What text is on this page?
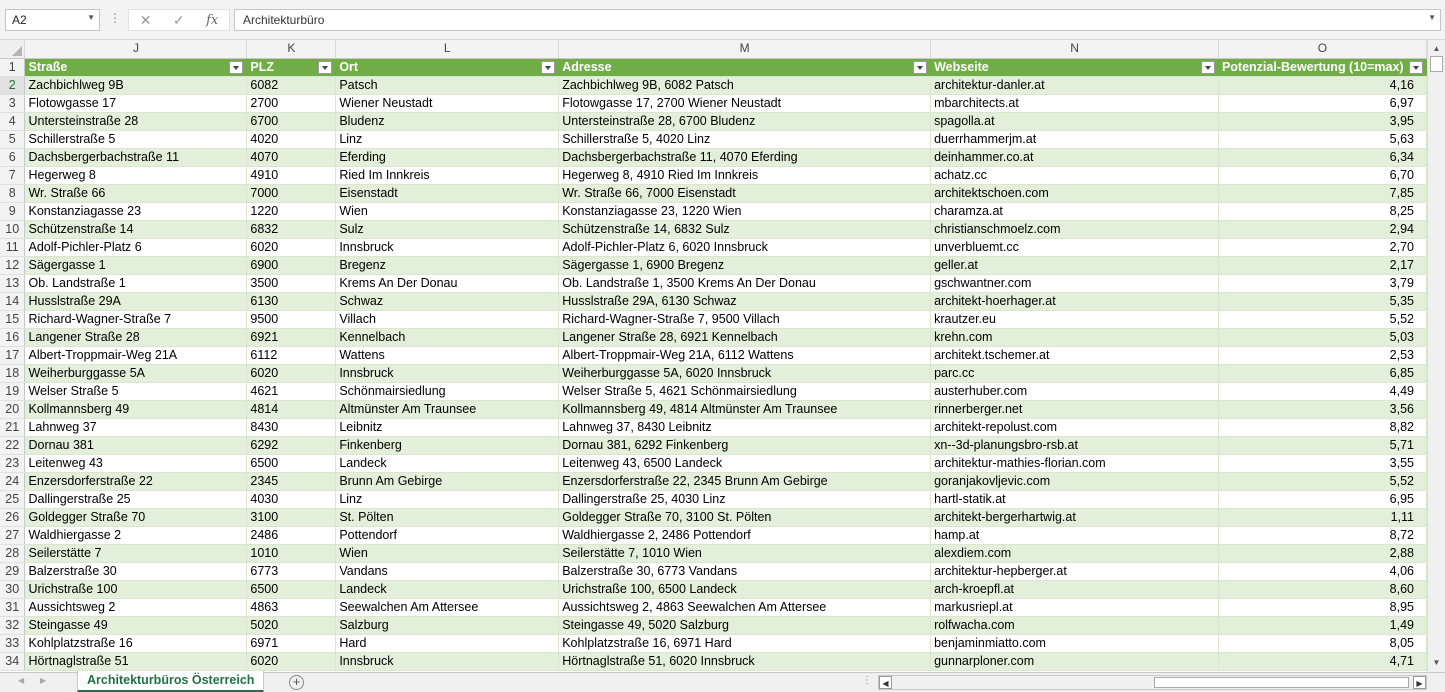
A2	▼ ⋮ ✕ ✓ fx	Architekturbüro	▼
	J	K	L	M	N	O
1	Straße	PLZ	Ort	Adresse	Webseite	Potenzial-Bewertung (10=max)

2	Zachbichlweg 9B	6082	Patsch	Zachbichlweg 9B, 6082 Patsch	architektur-danler.at	4,16
3	Flotowgasse 17	2700	Wiener Neustadt	Flotowgasse 17, 2700 Wiener Neustadt	mbarchitects.at	6,97
4	Untersteinstraße 28	6700	Bludenz	Untersteinstraße 28, 6700 Bludenz	spagolla.at	3,95
5	Schillerstraße 5	4020	Linz	Schillerstraße 5, 4020 Linz	duerrhammerjm.at	5,63
6	Dachsbergerbachstraße 11	4070	Eferding	Dachsbergerbachstraße 11, 4070 Eferding	deinhammer.co.at	6,34
7	Hegerweg 8	4910	Ried Im Innkreis	Hegerweg 8, 4910 Ried Im Innkreis	achatz.cc	6,70
8	Wr. Straße 66	7000	Eisenstadt	Wr. Straße 66, 7000 Eisenstadt	architektschoen.com	7,85
9	Konstanziagasse 23	1220	Wien	Konstanziagasse 23, 1220 Wien	charamza.at	8,25
10	Schützenstraße 14	6832	Sulz	Schützenstraße 14, 6832 Sulz	christianschmoelz.com	2,94
11	Adolf-Pichler-Platz 6	6020	Innsbruck	Adolf-Pichler-Platz 6, 6020 Innsbruck	unverbluemt.cc	2,70
12	Sägergasse 1	6900	Bregenz	Sägergasse 1, 6900 Bregenz	geller.at	2,17
13	Ob. Landstraße 1	3500	Krems An Der Donau	Ob. Landstraße 1, 3500 Krems An Der Donau	gschwantner.com	3,79
14	Husslstraße 29A	6130	Schwaz	Husslstraße 29A, 6130 Schwaz	architekt-hoerhager.at	5,35
15	Richard-Wagner-Straße 7	9500	Villach	Richard-Wagner-Straße 7, 9500 Villach	krautzer.eu	5,52
16	Langener Straße 28	6921	Kennelbach	Langener Straße 28, 6921 Kennelbach	krehn.com	5,03
17	Albert-Troppmair-Weg 21A	6112	Wattens	Albert-Troppmair-Weg 21A, 6112 Wattens	architekt.tschemer.at	2,53
18	Weiherburggasse 5A	6020	Innsbruck	Weiherburggasse 5A, 6020 Innsbruck	parc.cc	6,85
19	Welser Straße 5	4621	Schönmairsiedlung	Welser Straße 5, 4621 Schönmairsiedlung	austerhuber.com	4,49
20	Kollmannsberg 49	4814	Altmünster Am Traunsee	Kollmannsberg 49, 4814 Altmünster Am Traunsee	rinnerberger.net	3,56
21	Lahnweg 37	8430	Leibnitz	Lahnweg 37, 8430 Leibnitz	architekt-repolust.com	8,82
22	Dornau 381	6292	Finkenberg	Dornau 381, 6292 Finkenberg	xn--3d-planungsbro-rsb.at	5,71
23	Leitenweg 43	6500	Landeck	Leitenweg 43, 6500 Landeck	architektur-mathies-florian.com	3,55
24	Enzersdorferstraße 22	2345	Brunn Am Gebirge	Enzersdorferstraße 22, 2345 Brunn Am Gebirge	goranjakovljevic.com	5,52
25	Dallingerstraße 25	4030	Linz	Dallingerstraße 25, 4030 Linz	hartl-statik.at	6,95
26	Goldegger Straße 70	3100	St. Pölten	Goldegger Straße 70, 3100 St. Pölten	architekt-bergerhartwig.at	1,11
27	Waldhiergasse 2	2486	Pottendorf	Waldhiergasse 2, 2486 Pottendorf	hamp.at	8,72
28	Seilerstätte 7	1010	Wien	Seilerstätte 7, 1010 Wien	alexdiem.com	2,88
29	Balzerstraße 30	6773	Vandans	Balzerstraße 30, 6773 Vandans	architektur-hepberger.at	4,06
30	Urichstraße 100	6500	Landeck	Urichstraße 100, 6500 Landeck	arch-kroepfl.at	8,60
31	Aussichtsweg 2	4863	Seewalchen Am Attersee	Aussichtsweg 2, 4863 Seewalchen Am Attersee	markusriepl.at	8,95
32	Steingasse 49	5020	Salzburg	Steingasse 49, 5020 Salzburg	rolfwacha.com	1,49
33	Kohlplatzstraße 16	6971	Hard	Kohlplatzstraße 16, 6971 Hard	benjaminmiatto.com	8,05
34	Hörtnaglstraße 51	6020	Innsbruck	Hörtnaglstraße 51, 6020 Innsbruck	gunnarploner.com	4,71
▲
▼
◀ ▶	Architekturbüros Österreich	+	⋮	◀	▶
